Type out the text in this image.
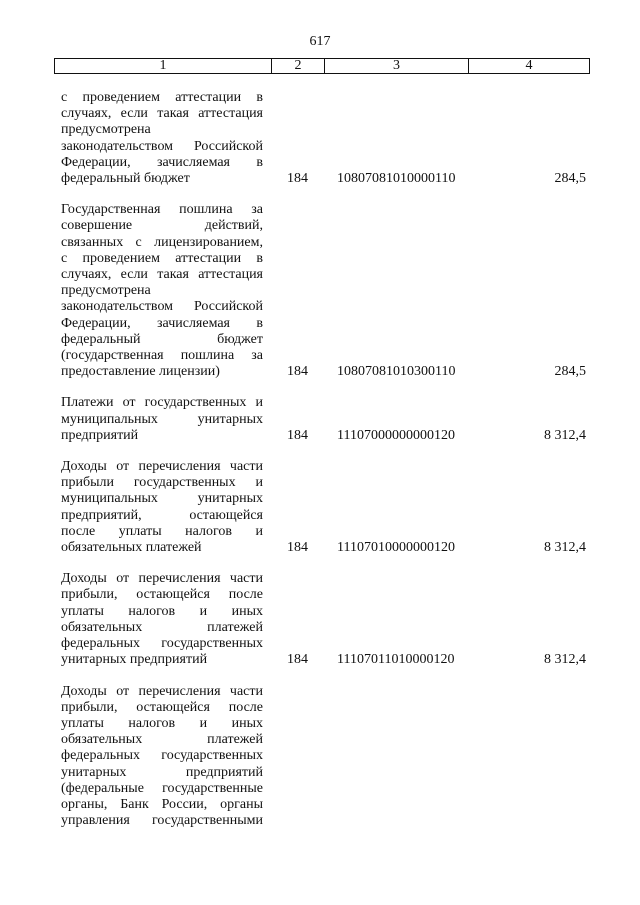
617
1	2	3	4
с проведением аттестации в
случаях, если такая аттестация
предусмотрена
законодательством Российской
Федерации, зачисляемая в
федеральный бюджет	184 10807081010000110	284,5
Государственная пошлина за
совершение действий,
связанных с лицензированием,
с проведением аттестации в
случаях, если такая аттестация
предусмотрена
законодательством Российской
Федерации, зачисляемая в
федеральный бюджет
(государственная пошлина за
предоставление лицензии)	184 10807081010300110	284,5
Платежи от государственных и
муниципальных унитарных
предприятий	184 11107000000000120	8 312,4
Доходы от перечисления части
прибыли государственных и
муниципальных унитарных
предприятий, остающейся
после уплаты налогов и
обязательных платежей	184 11107010000000120	8 312,4
Доходы от перечисления части
прибыли, остающейся после
уплаты налогов и иных
обязательных платежей
федеральных государственных
унитарных предприятий	184 11107011010000120	8 312,4
Доходы от перечисления части
прибыли, остающейся после
уплаты налогов и иных
обязательных платежей
федеральных государственных
унитарных предприятий
(федеральные государственные
органы, Банк России, органы
управления государственными
